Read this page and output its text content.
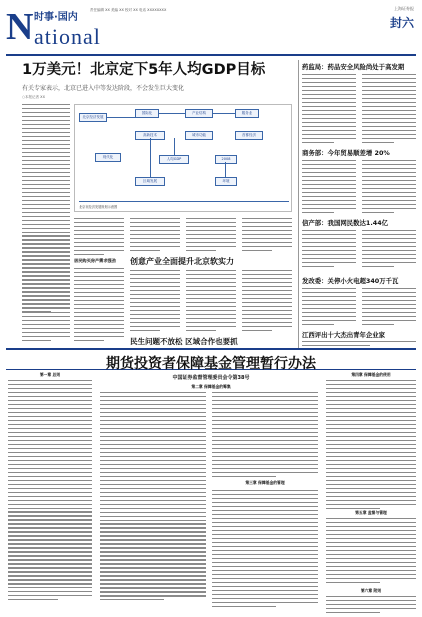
N 时事·国内
ational
责任编辑 XX 美编 XX 校对 XX 电话 XXXXXXXX	上海证券报
封六
1万美元！北京定下5年人均GDP目标
有关专家表示，北京已进入中等发达阶段，不会发生巨大变化
○本报记者 XX
北京经济发展
国际化	产业结构	服务业
高新技术	城市功能	首都经济
现代化	人均GDP	2008
区域发展	环境
北京市经济发展规划示意图
居民购买房产需求强劲	创意产业全面提升北京软实力
民生问题不放松 区域合作也要抓
药监局：药品安全风险尚处于高发期
商务部：今年贸易顺差增 20%
信产部：我国网民数达1.44亿
发改委：关停小火电超340万千瓦
江西评出十大杰出青年企业家
期货投资者保障基金管理暂行办法
中国证券监督管理委员会令第38号
第一章 总则
第二章 保障基金的筹集
第三章 保障基金的管理
第四章 保障基金的使用
第五章 监督与管理
第六章 附则
